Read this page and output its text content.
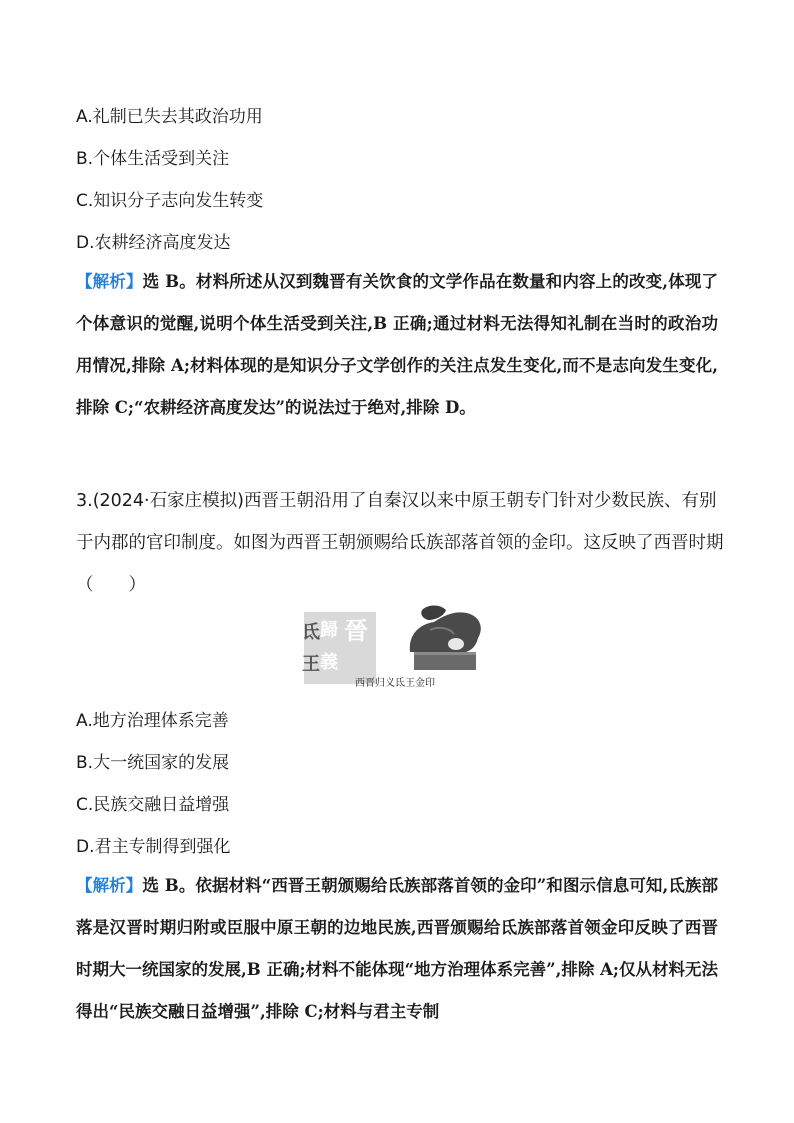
A.礼制已失去其政治功用
B.个体生活受到关注
C.知识分子志向发生转变
D.农耕经济高度发达
【解析】选 B。材料所述从汉到魏晋有关饮食的文学作品在数量和内容上的改变,体现了个体意识的觉醒,说明个体生活受到关注,B 正确;通过材料无法得知礼制在当时的政治功用情况,排除 A;材料体现的是知识分子文学创作的关注点发生变化,而不是志向发生变化,排除 C;“农耕经济高度发达”的说法过于绝对,排除 D。
3.(2024·石家庄模拟)西晋王朝沿用了自秦汉以来中原王朝专门针对少数民族、有别于内郡的官印制度。如图为西晋王朝颁赐给氐族部落首领的金印。这反映了西晋时期（　　）
晉
歸
義
氐
王
西晋归义氐王金印
A.地方治理体系完善
B.大一统国家的发展
C.民族交融日益增强
D.君主专制得到强化
【解析】选 B。依据材料“西晋王朝颁赐给氐族部落首领的金印”和图示信息可知,氐族部落是汉晋时期归附或臣服中原王朝的边地民族,西晋颁赐给氐族部落首领金印反映了西晋时期大一统国家的发展,B 正确;材料不能体现“地方治理体系完善”,排除 A;仅从材料无法得出“民族交融日益增强”,排除 C;材料与君主专制
